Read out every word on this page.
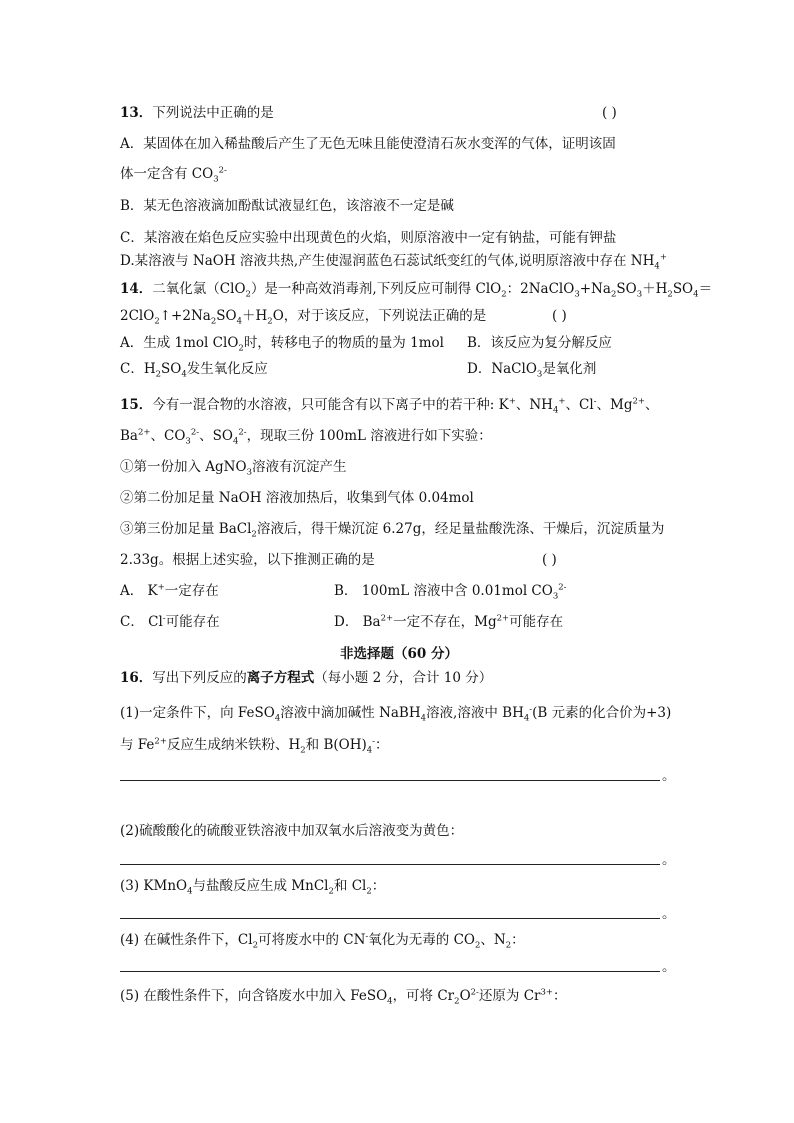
13．下列说法中正确的是	( )
A．某固体在加入稀盐酸后产生了无色无味且能使澄清石灰水变浑的气体，证明该固
体一定含有 $CO_3^{2-}$
B．某无色溶液滴加酚酞试液显红色，该溶液不一定是碱
C．某溶液在焰色反应实验中出现黄色的火焰，则原溶液中一定有钠盐，可能有钾盐
D.某溶液与 NaOH 溶液共热,产生使湿润蓝色石蕊试纸变红的气体,说明原溶液中存在 $NH_4^+$
14．二氧化氯（ClO$_2$）是一种高效消毒剂,下列反应可制得 ClO$_2$：$2NaClO_3+Na_2SO_3+H_2SO_4=$
$2ClO_2↑+2Na_2SO_4+H_2O$，对于该反应，下列说法正确的是	( )
A．生成 1mol ClO$_2$时，转移电子的物质的量为 1mol B．该反应为复分解反应
C．$H_2SO_4$发生氧化反应	D．NaClO$_3$是氧化剂
15．今有一混合物的水溶液，只可能含有以下离子中的若干种: K+、$NH_4^+$、Cl-、$Mg^{2+}$、
$Ba^{2+}$、$CO_3^{2-}$、$SO_4^{2-}$，现取三份 100mL 溶液进行如下实验：
①第一份加入 AgNO$_3$溶液有沉淀产生
②第二份加足量 NaOH 溶液加热后，收集到气体 0.04mol
③第三份加足量 BaCl$_2$溶液后，得干燥沉淀 6.27g，经足量盐酸洗涤、干燥后，沉淀质量为
2.33g。根据上述实验，以下推测正确的是	( )
A． K+一定存在	B． 100mL 溶液中含 0.01mol $CO_3^{2-}$
C． Cl-可能存在	D． $Ba^{2+}$一定不存在，$Mg^{2+}$可能存在
非选择题（60 分）
16．写出下列反应的离子方程式（每小题 2 分，合计 10 分）
(1)一定条件下，向 FeSO$_4$溶液中滴加碱性 NaBH$_4$溶液,溶液中 $BH_4^-(B$ 元素的化合价为+3)
与 $Fe^{2+}$反应生成纳米铁粉、$H_2$和 $B(OH)_4^-$：
。
(2)硫酸酸化的硫酸亚铁溶液中加双氧水后溶液变为黄色：
。
(3) KMnO$_4$与盐酸反应生成 MnCl$_2$和 $Cl_2$：
。
(4) 在碱性条件下，$Cl_2$可将废水中的 CN-氧化为无毒的 $CO_2$、$N_2$：
。
(5) 在酸性条件下，向含铬废水中加入 FeSO$_4$，可将 $Cr_2O^{2-}$还原为 $Cr^{3+}$：
